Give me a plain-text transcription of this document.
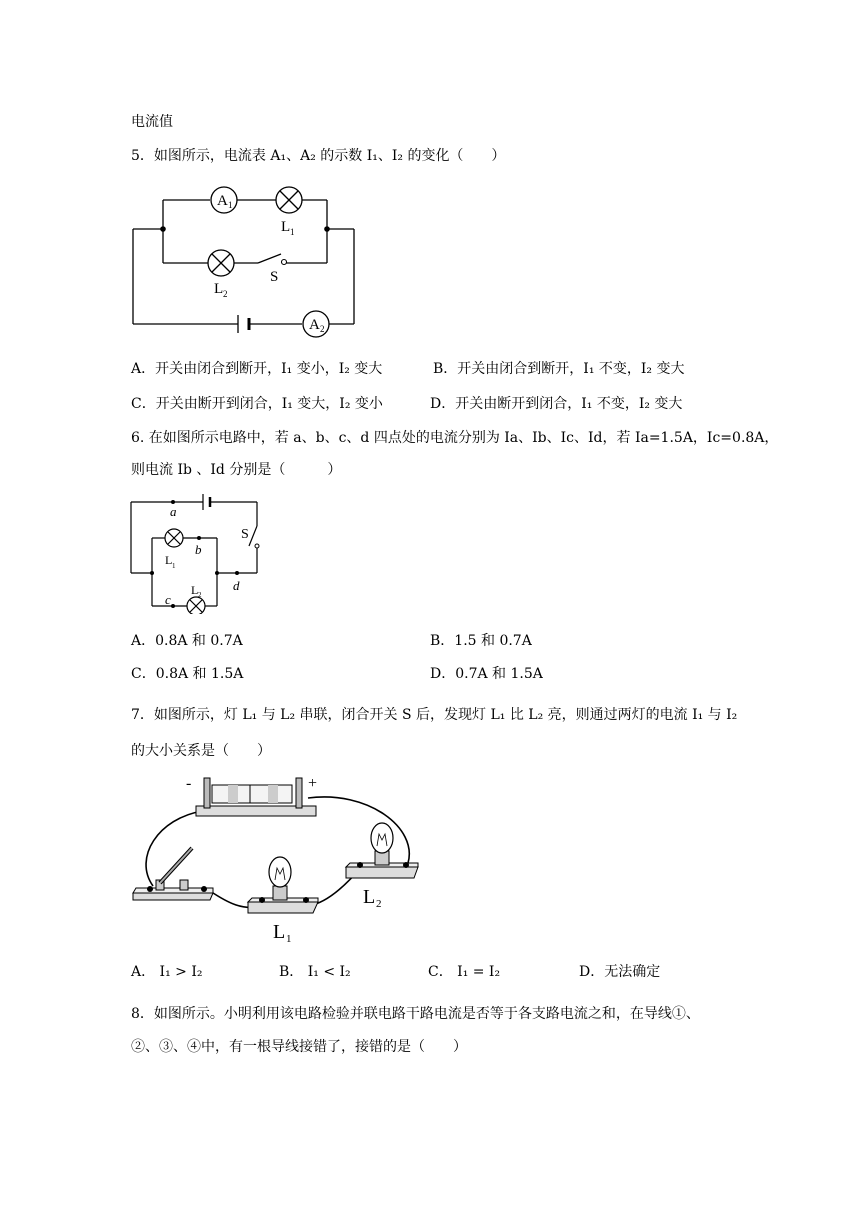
电流值
5．如图所示，电流表 A₁、A₂ 的示数 I₁、I₂ 的变化（　　）
A 1
A 2
L 1
L 2
S
A．开关由闭合到断开，I₁ 变小，I₂ 变大	B．开关由闭合到断开，I₁ 不变，I₂ 变大
C．开关由断开到闭合，I₁ 变大，I₂ 变小	D．开关由断开到闭合，I₁ 不变，I₂ 变大
6. 在如图所示电路中，若 a、b、c、d 四点处的电流分别为 Ia、Ib、Ic、Id，若 Ia=1.5A，Ic=0.8A，
则电流 Ib 、Id 分别是（　　　）
a
b
c
d
S
L 1
L 2
A．0.8A 和 0.7A	B．1.5 和 0.7A
C．0.8A 和 1.5A	D．0.7A 和 1.5A
7．如图所示，灯 L₁ 与 L₂ 串联，闭合开关 S 后，发现灯 L₁ 比 L₂ 亮，则通过两灯的电流 I₁ 与 I₂
的大小关系是（　　）
-	+
L 1
L 2
A． I₁ > I₂	B． I₁ < I₂	C． I₁ = I₂	D．无法确定
8．如图所示。小明利用该电路检验并联电路干路电流是否等于各支路电流之和，在导线①、
②、③、④中，有一根导线接错了，接错的是（　　）
